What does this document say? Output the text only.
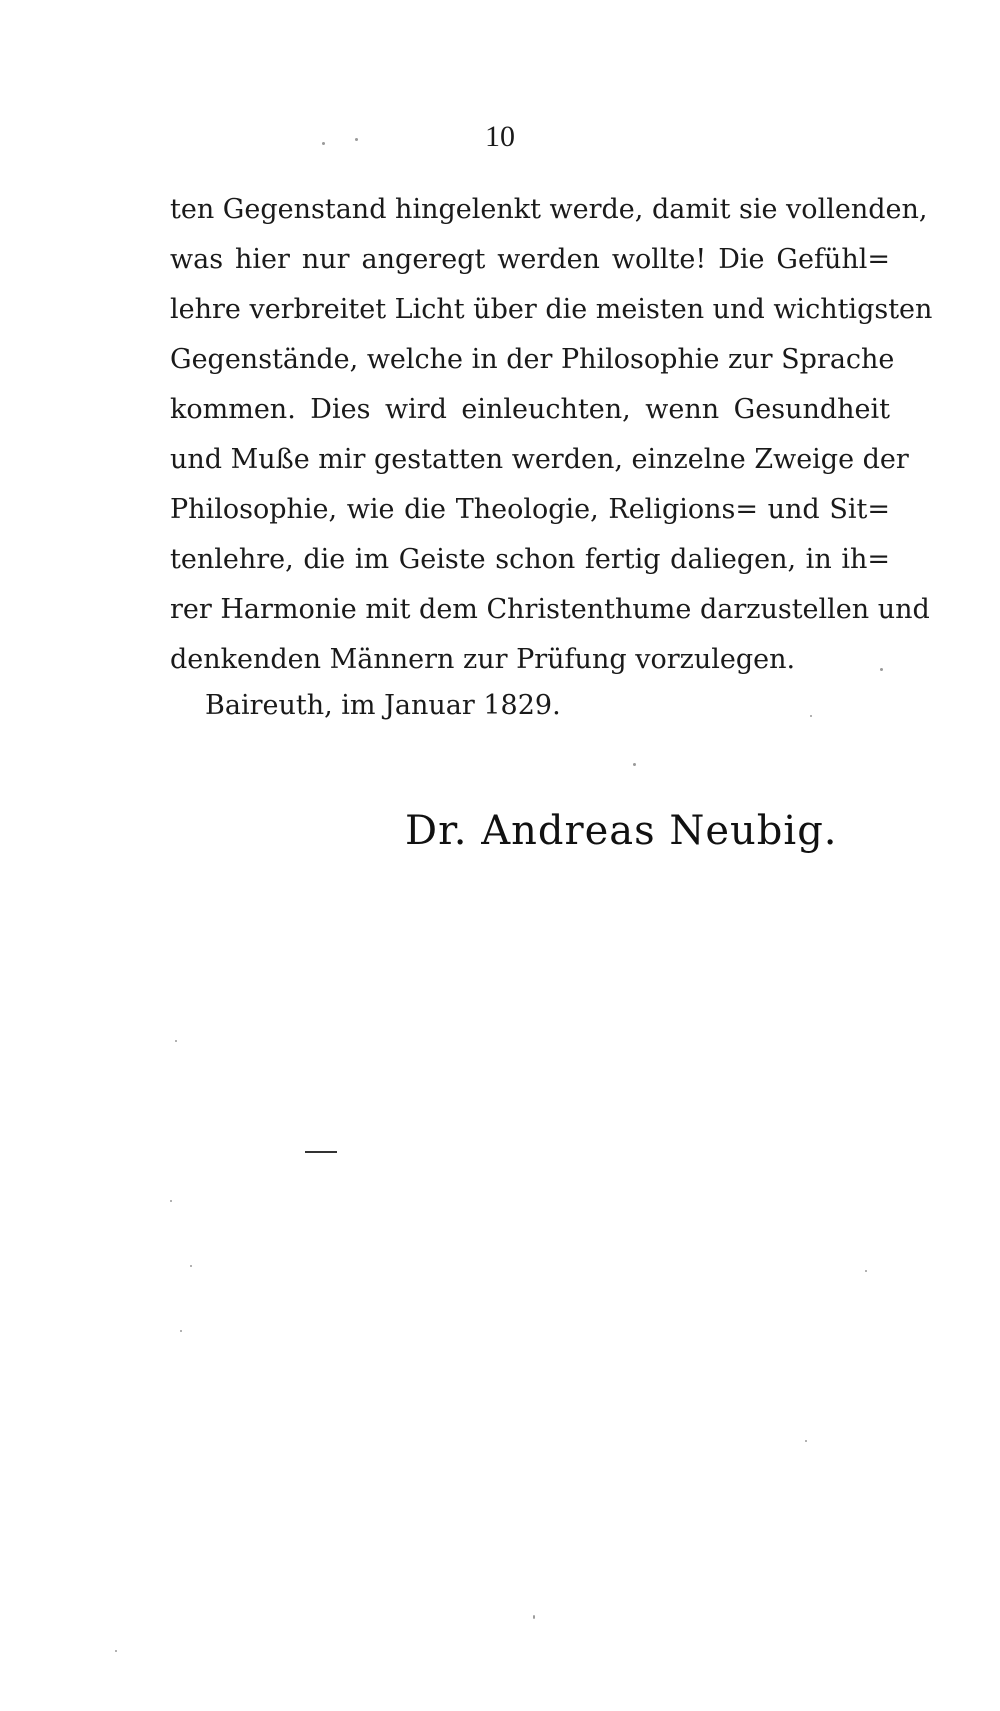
10
ten Gegenstand hingelenkt werde, damit sie vollenden,
was hier nur angeregt werden wollte! Die Gefühl=
lehre verbreitet Licht über die meisten und wichtigsten
Gegenstände, welche in der Philosophie zur Sprache
kommen. Dies wird einleuchten, wenn Gesundheit
und Muße mir gestatten werden, einzelne Zweige der
Philosophie, wie die Theologie, Religions= und Sit=
tenlehre, die im Geiste schon fertig daliegen, in ih=
rer Harmonie mit dem Christenthume darzustellen und
denkenden Männern zur Prüfung vorzulegen.
Baireuth, im Januar 1829.
Dr. Andreas Neubig.
